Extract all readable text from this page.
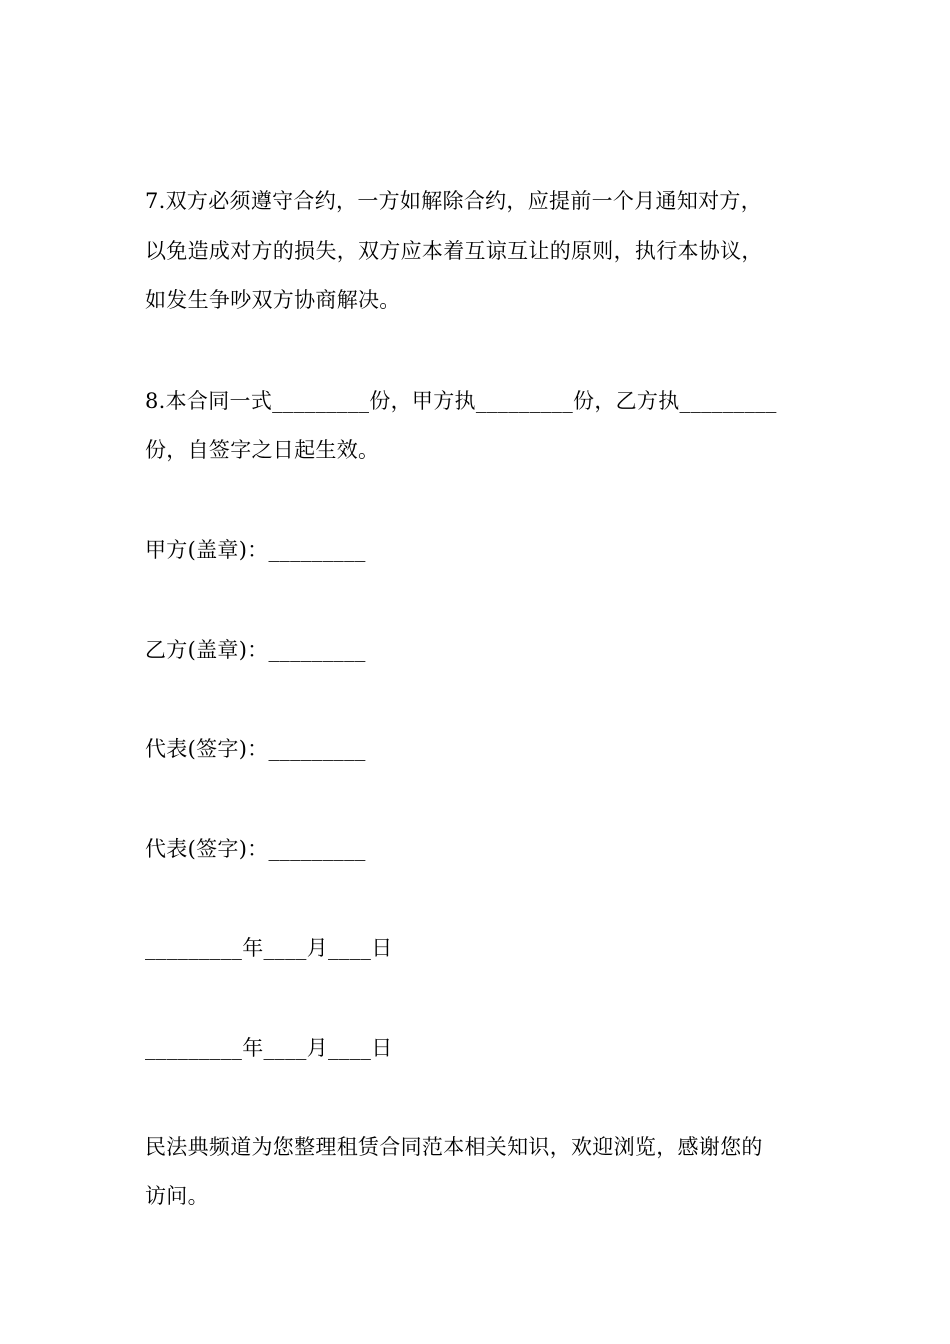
7.双方必须遵守合约，一方如解除合约，应提前一个月通知对方，
以免造成对方的损失，双方应本着互谅互让的原则，执行本协议，
如发生争吵双方协商解决。
8.本合同一式_________份，甲方执_________份，乙方执_________
份，自签字之日起生效。
甲方(盖章)：_________
乙方(盖章)：_________
代表(签字)：_________
代表(签字)：_________
_________年____月____日
_________年____月____日
民法典频道为您整理租赁合同范本相关知识，欢迎浏览，感谢您的
访问。
